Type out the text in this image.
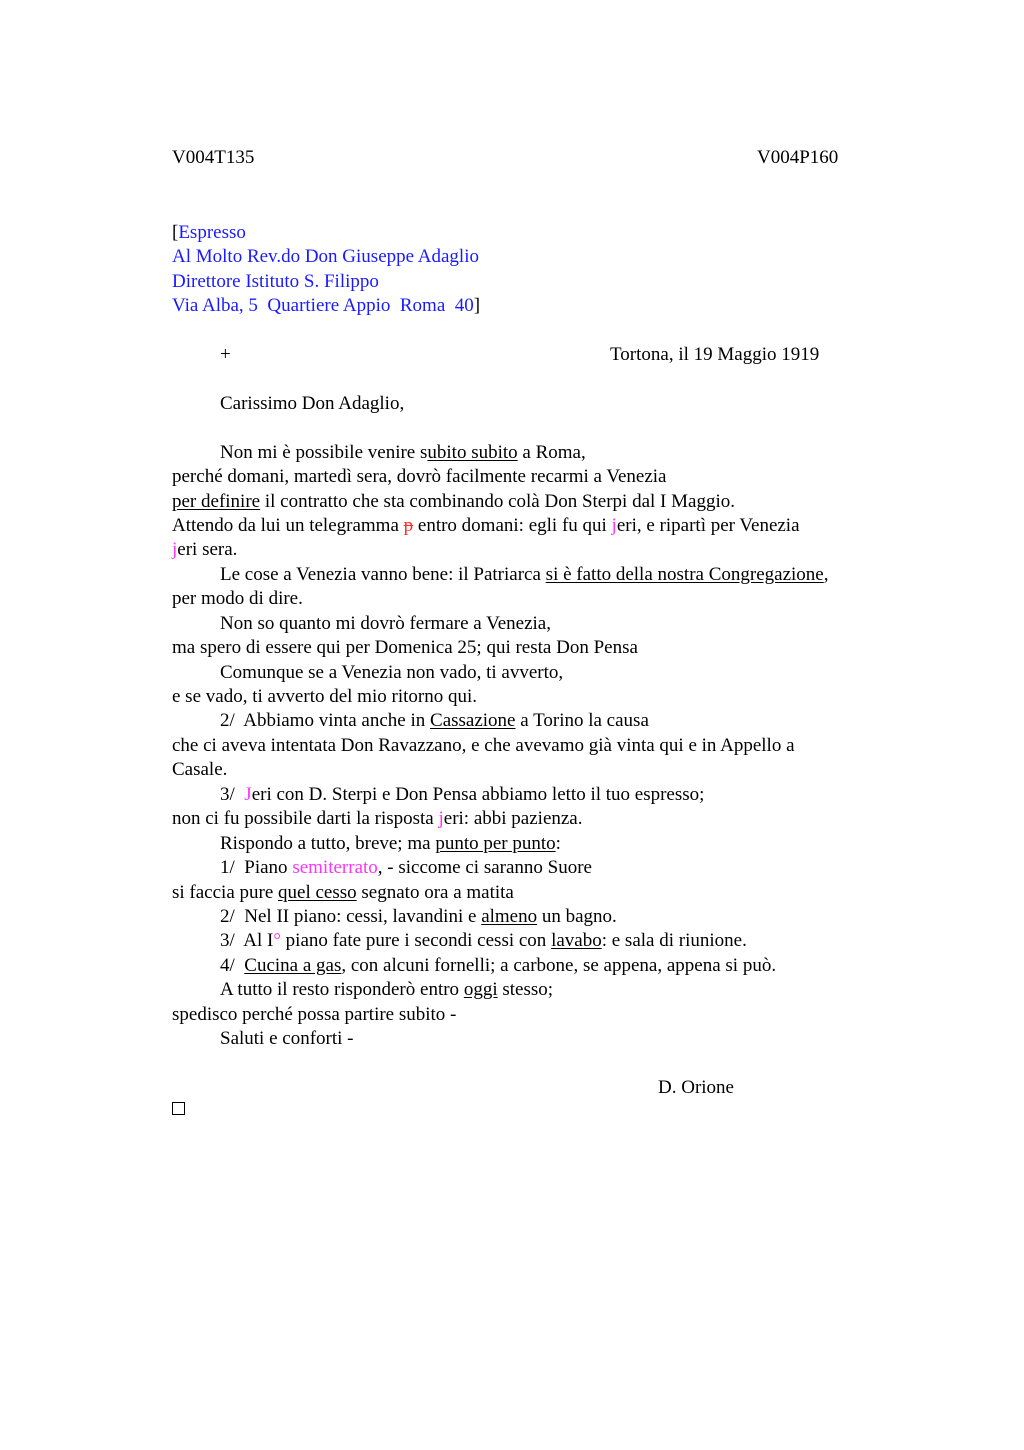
V004T135	V004P160
[Espresso
Al Molto Rev.do Don Giuseppe Adaglio
Direttore Istituto S. Filippo
Via Alba, 5  Quartiere Appio  Roma  40]
+	Tortona, il 19 Maggio 1919
Carissimo Don Adaglio,
Non mi è possibile venire subito subito a Roma,
perché domani, martedì sera, dovrò facilmente recarmi a Venezia
per definire il contratto che sta combinando colà Don Sterpi dal I Maggio.
Attendo da lui un telegramma p entro domani: egli fu qui jeri, e ripartì per Venezia
jeri sera.
Le cose a Venezia vanno bene: il Patriarca si è fatto della nostra Congregazione,
per modo di dire.
Non so quanto mi dovrò fermare a Venezia,
ma spero di essere qui per Domenica 25; qui resta Don Pensa
Comunque se a Venezia non vado, ti avverto,
e se vado, ti avverto del mio ritorno qui.
2/  Abbiamo vinta anche in Cassazione a Torino la causa
che ci aveva intentata Don Ravazzano, e che avevamo già vinta qui e in Appello a
Casale.
3/  Jeri con D. Sterpi e Don Pensa abbiamo letto il tuo espresso;
non ci fu possibile darti la risposta jeri: abbi pazienza.
Rispondo a tutto, breve; ma punto per punto:
1/  Piano semiterrato, - siccome ci saranno Suore
si faccia pure quel cesso segnato ora a matita
2/  Nel II piano: cessi, lavandini e almeno un bagno.
3/  Al I° piano fate pure i secondi cessi con lavabo: e sala di riunione.
4/  Cucina a gas, con alcuni fornelli; a carbone, se appena, appena si può.
A tutto il resto risponderò entro oggi stesso;
spedisco perché possa partire subito -
Saluti e conforti -
D. Orione
